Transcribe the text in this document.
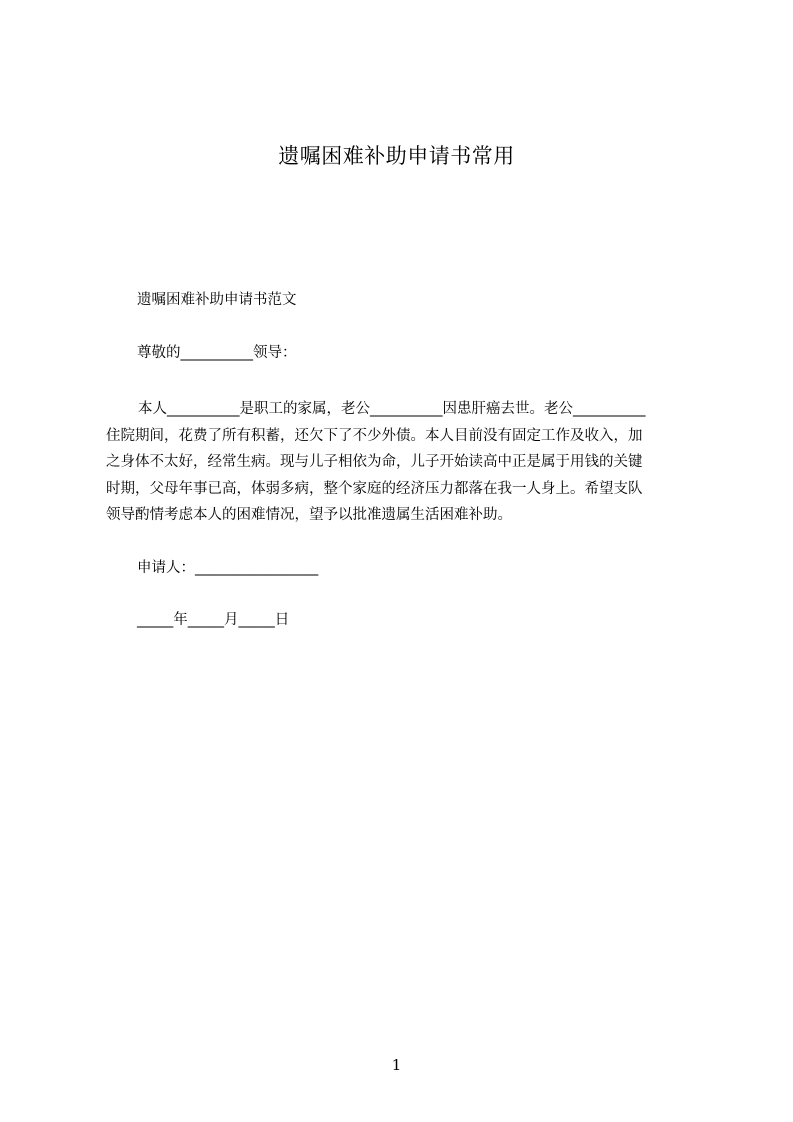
遗嘱困难补助申请书常用
遗嘱困难补助申请书范文
尊敬的__________领导：
本人__________是职工的家属，老公__________因患肝癌去世。老公__________
住院期间，花费了所有积蓄，还欠下了不少外债。本人目前没有固定工作及收入，加
之身体不太好，经常生病。现与儿子相依为命，儿子开始读高中正是属于用钱的关键
时期，父母年事已高，体弱多病，整个家庭的经济压力都落在我一人身上。希望支队
领导酌情考虑本人的困难情况，望予以批准遗属生活困难补助。
申请人：_________________
_____年_____月_____日
1
